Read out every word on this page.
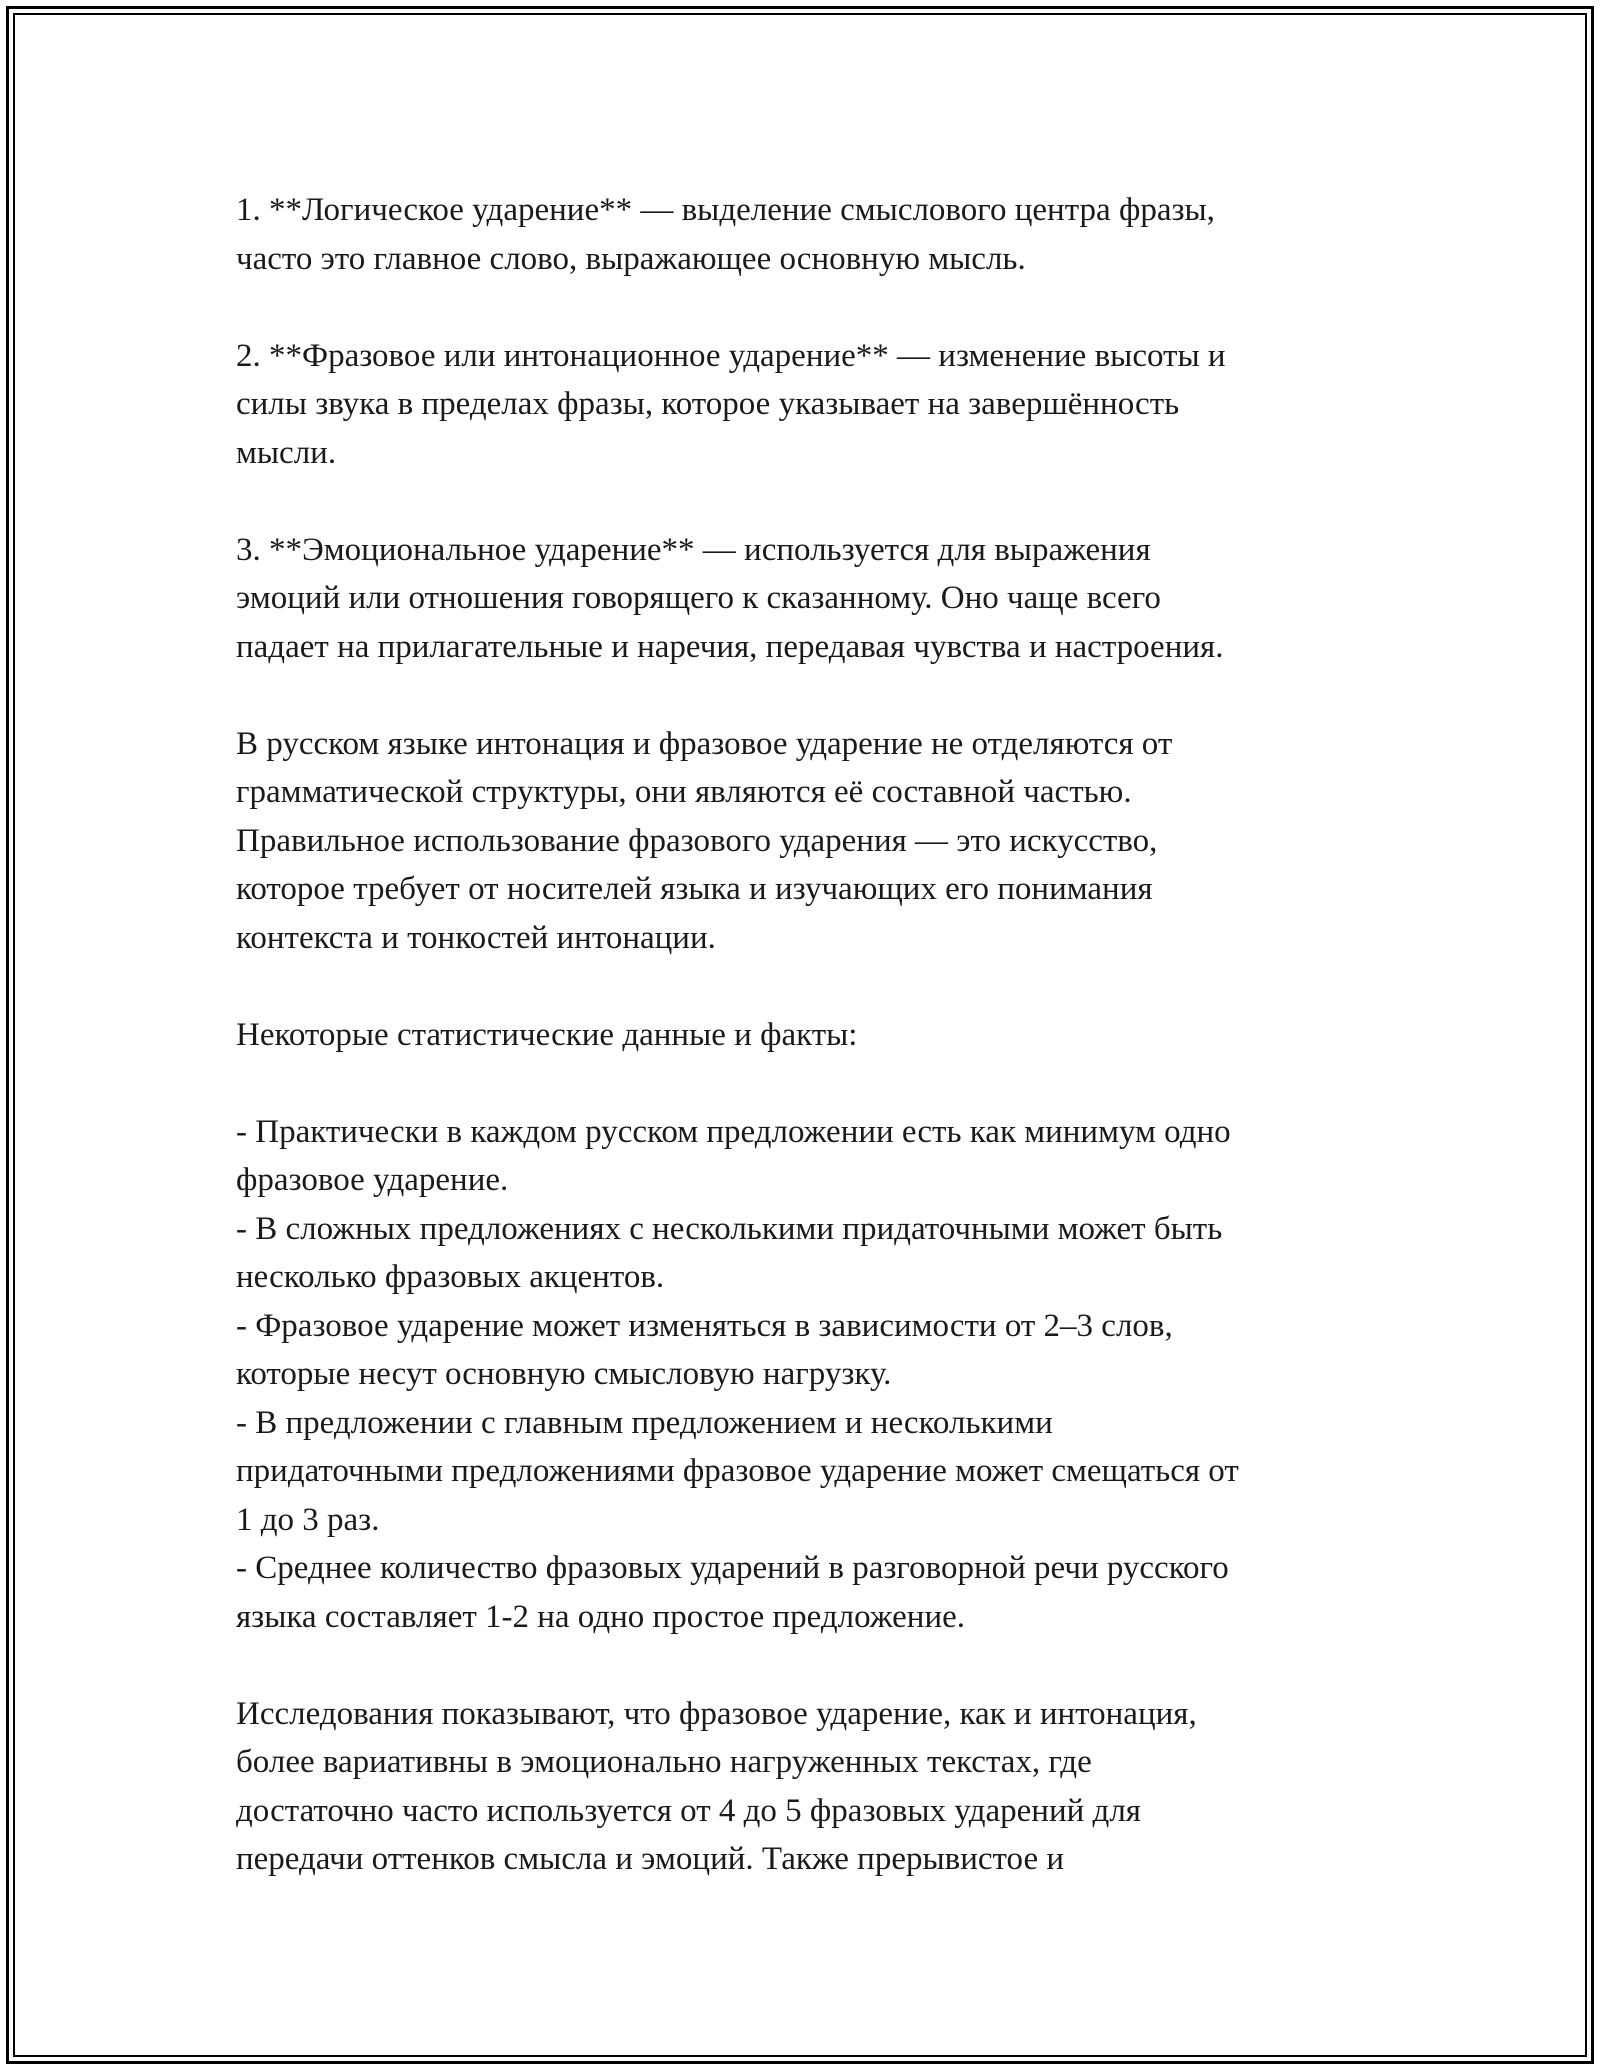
1. **Логическое ударение** — выделение смыслового центра фразы,
часто это главное слово, выражающее основную мысль.

2. **Фразовое или интонационное ударение** — изменение высоты и
силы звука в пределах фразы, которое указывает на завершённость
мысли.

3. **Эмоциональное ударение** — используется для выражения
эмоций или отношения говорящего к сказанному. Оно чаще всего
падает на прилагательные и наречия, передавая чувства и настроения.

В русском языке интонация и фразовое ударение не отделяются от
грамматической структуры, они являются её составной частью.
Правильное использование фразового ударения — это искусство,
которое требует от носителей языка и изучающих его понимания
контекста и тонкостей интонации.

Некоторые статистические данные и факты:

- Практически в каждом русском предложении есть как минимум одно
фразовое ударение.
- В сложных предложениях с несколькими придаточными может быть
несколько фразовых акцентов.
- Фразовое ударение может изменяться в зависимости от 2–3 слов,
которые несут основную смысловую нагрузку.
- В предложении с главным предложением и несколькими
придаточными предложениями фразовое ударение может смещаться от
1 до 3 раз.
- Среднее количество фразовых ударений в разговорной речи русского
языка составляет 1-2 на одно простое предложение.

Исследования показывают, что фразовое ударение, как и интонация,
более вариативны в эмоционально нагруженных текстах, где
достаточно часто используется от 4 до 5 фразовых ударений для
передачи оттенков смысла и эмоций. Также прерывистое и
